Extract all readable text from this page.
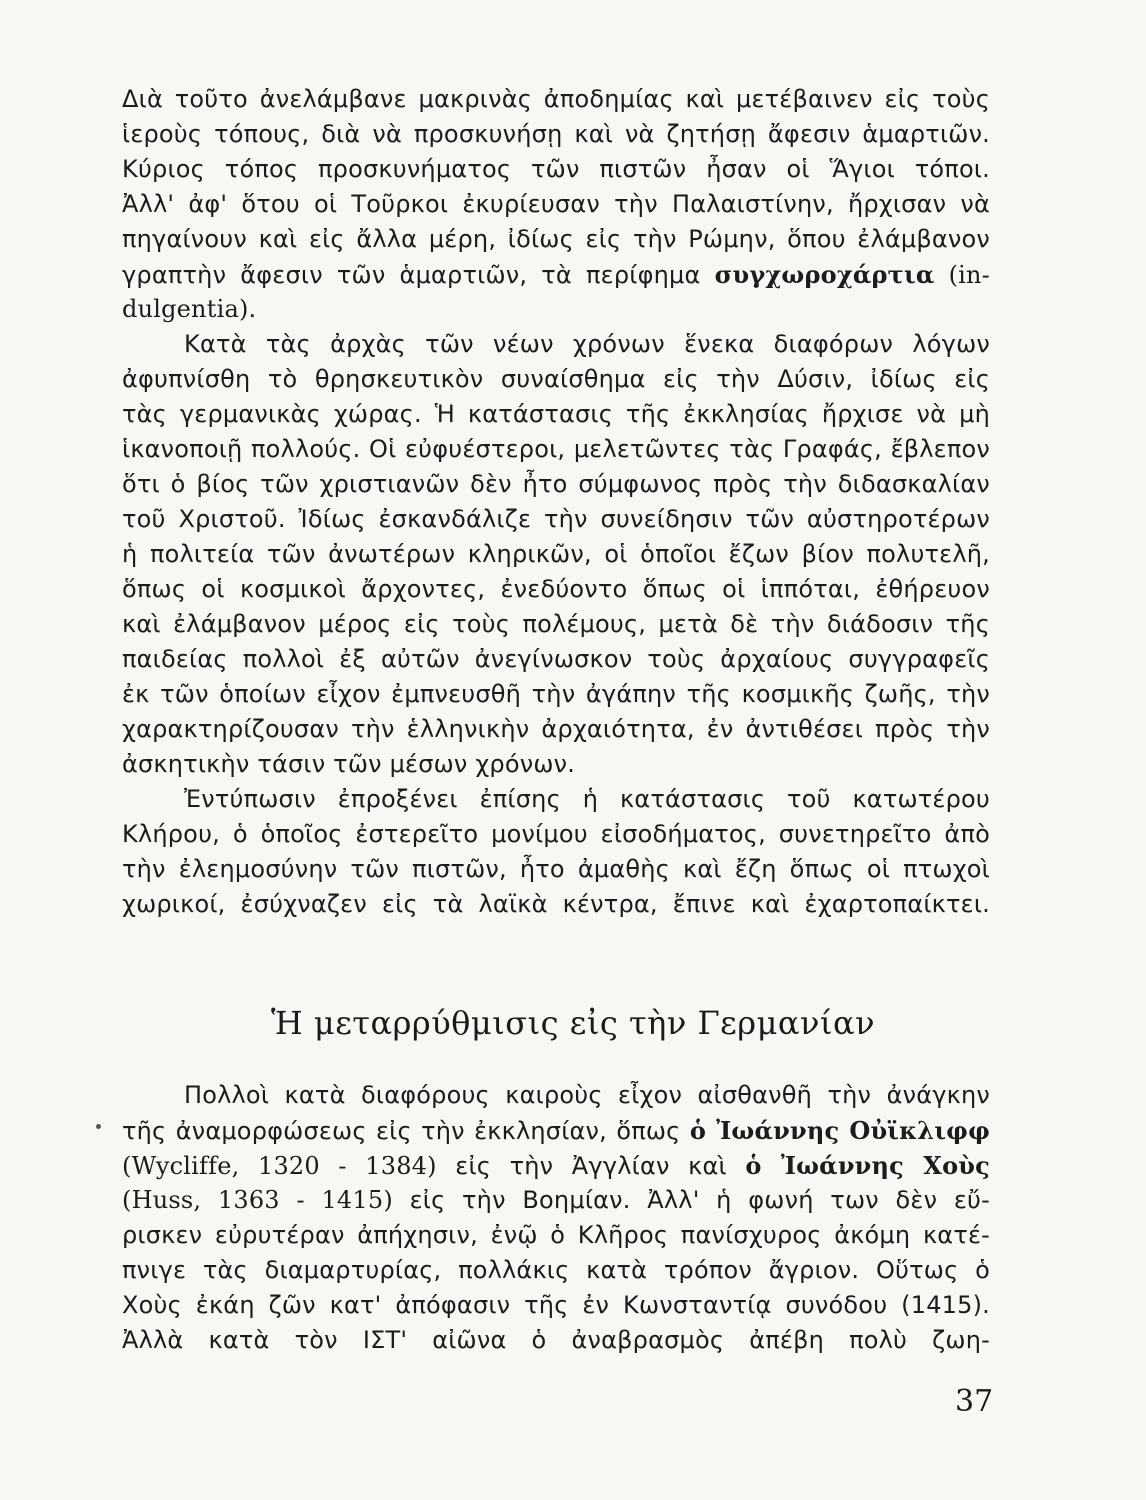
Διὰ τοῦτο ἀνελάμβανε μακρινὰς ἀποδημίας καὶ μετέβαινεν εἰς τοὺς
ἱεροὺς τόπους, διὰ νὰ προσκυνήσῃ καὶ νὰ ζητήσῃ ἄφεσιν ἁμαρτιῶν.
Κύριος τόπος προσκυνήματος τῶν πιστῶν ἦσαν οἱ Ἅγιοι τόποι.
Ἀλλ' ἀφ' ὅτου οἱ Τοῦρκοι ἐκυρίευσαν τὴν Παλαιστίνην, ἤρχισαν νὰ
πηγαίνουν καὶ εἰς ἄλλα μέρη, ἰδίως εἰς τὴν Ρώμην, ὅπου ἐλάμβανον
γραπτὴν ἄφεσιν τῶν ἁμαρτιῶν, τὰ περίφημα συγχωροχάρτια (in-
dulgentia).
Κατὰ τὰς ἀρχὰς τῶν νέων χρόνων ἕνεκα διαφόρων λόγων
ἀφυπνίσθη τὸ θρησκευτικὸν συναίσθημα εἰς τὴν Δύσιν, ἰδίως εἰς
τὰς γερμανικὰς χώρας. Ἡ κατάστασις τῆς ἐκκλησίας ἤρχισε νὰ μὴ
ἱκανοποιῇ πολλούς. Οἱ εὐφυέστεροι, μελετῶντες τὰς Γραφάς, ἔβλεπον
ὅτι ὁ βίος τῶν χριστιανῶν δὲν ἦτο σύμφωνος πρὸς τὴν διδασκαλίαν
τοῦ Χριστοῦ. Ἰδίως ἐσκανδάλιζε τὴν συνείδησιν τῶν αὐστηροτέρων
ἡ πολιτεία τῶν ἀνωτέρων κληρικῶν, οἱ ὁποῖοι ἔζων βίον πολυτελῆ,
ὅπως οἱ κοσμικοὶ ἄρχοντες, ἐνεδύοντο ὅπως οἱ ἱππόται, ἐθήρευον
καὶ ἐλάμβανον μέρος εἰς τοὺς πολέμους, μετὰ δὲ τὴν διάδοσιν τῆς
παιδείας πολλοὶ ἐξ αὐτῶν ἀνεγίνωσκον τοὺς ἀρχαίους συγγραφεῖς
ἐκ τῶν ὁποίων εἶχον ἐμπνευσθῆ τὴν ἀγάπην τῆς κοσμικῆς ζωῆς, τὴν
χαρακτηρίζουσαν τὴν ἑλληνικὴν ἀρχαιότητα, ἐν ἀντιθέσει πρὸς τὴν
ἀσκητικὴν τάσιν τῶν μέσων χρόνων.
Ἐντύπωσιν ἐπροξένει ἐπίσης ἡ κατάστασις τοῦ κατωτέρου
Κλήρου, ὁ ὁποῖος ἐστερεῖτο μονίμου εἰσοδήματος, συνετηρεῖτο ἀπὸ
τὴν ἐλεημοσύνην τῶν πιστῶν, ἦτο ἀμαθὴς καὶ ἔζη ὅπως οἱ πτωχοὶ
χωρικοί, ἐσύχναζεν εἰς τὰ λαϊκὰ κέντρα, ἔπινε καὶ ἐχαρτοπαίκτει.
Ἡ μεταρρύθμισις εἰς τὴν Γερμανίαν
Πολλοὶ κατὰ διαφόρους καιροὺς εἶχον αἰσθανθῆ τὴν ἀνάγκην
τῆς ἀναμορφώσεως εἰς τὴν ἐκκλησίαν, ὅπως ὁ Ἰωάννης Οὐϊκλιφφ
(Wycliffe, 1320 - 1384) εἰς τὴν Ἀγγλίαν καὶ ὁ Ἰωάννης Χοὺς
(Huss, 1363 - 1415) εἰς τὴν Βοημίαν. Ἀλλ' ἡ φωνή των δὲν εὔ-
ρισκεν εὐρυτέραν ἀπήχησιν, ἐνῷ ὁ Κλῆρος πανίσχυρος ἀκόμη κατέ-
πνιγε τὰς διαμαρτυρίας, πολλάκις κατὰ τρόπον ἄγριον. Οὕτως ὁ
Χοὺς ἐκάη ζῶν κατ' ἀπόφασιν τῆς ἐν Κωνσταντίᾳ συνόδου (1415).
Ἀλλὰ κατὰ τὸν ΙΣΤ' αἰῶνα ὁ ἀναβρασμὸς ἀπέβη πολὺ ζωη-
37
